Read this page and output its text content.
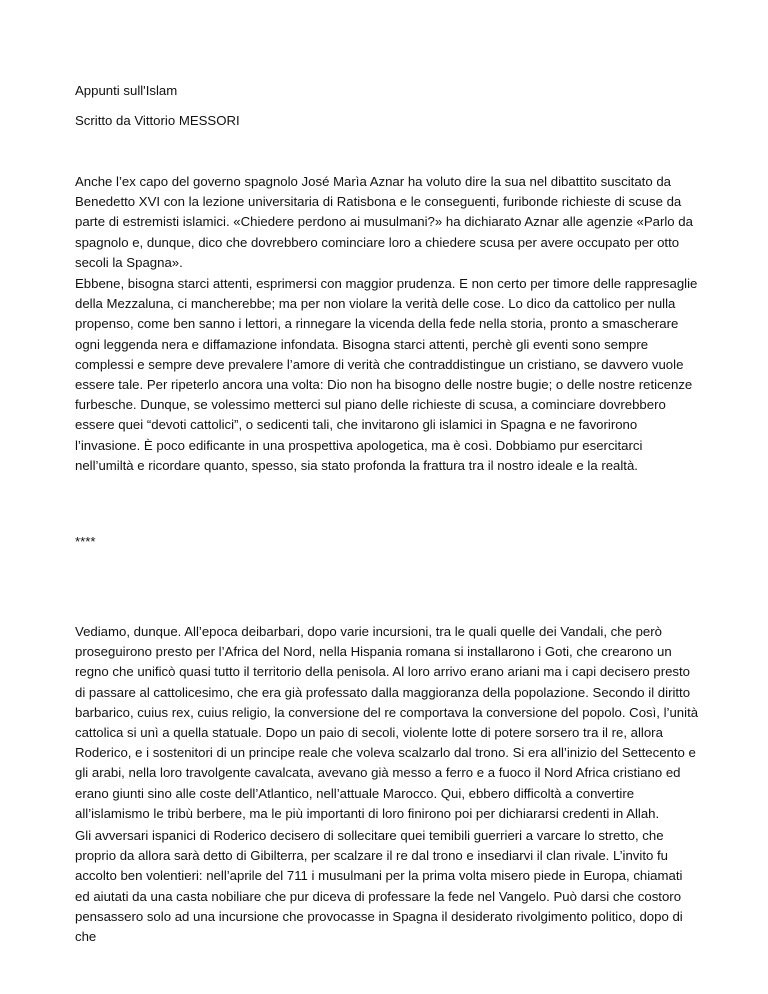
Appunti sull'Islam

Scritto da Vittorio MESSORI

Anche l’ex capo del governo spagnolo José Marìa Aznar ha voluto dire la sua nel dibattito suscitato da Benedetto XVI con la lezione universitaria di Ratisbona e le conseguenti, furibonde richieste di scuse da parte di estremisti islamici. «Chiedere perdono ai musulmani?» ha dichiarato Aznar alle agenzie «Parlo da spagnolo e, dunque, dico che dovrebbero cominciare loro a chiedere scusa per avere occupato per otto secoli la Spagna».

Ebbene, bisogna starci attenti, esprimersi con maggior prudenza. E non certo per timore delle rappresaglie della Mezzaluna, ci mancherebbe; ma per non violare la verità delle cose. Lo dico da cattolico per nulla propenso, come ben sanno i lettori, a rinnegare la vicenda della fede nella storia, pronto a smascherare ogni leggenda nera e diffamazione infondata. Bisogna starci attenti, perchè gli eventi sono sempre complessi e sempre deve prevalere l’amore di verità che contraddistingue un cristiano, se davvero vuole essere tale. Per ripeterlo ancora una volta: Dio non ha bisogno delle nostre bugie; o delle nostre reticenze furbesche. Dunque, se volessimo metterci sul piano delle richieste di scusa, a cominciare dovrebbero essere quei “devoti cattolici”, o sedicenti tali, che invitarono gli islamici in Spagna e ne favorirono l’invasione. È poco edificante in una prospettiva apologetica, ma è così. Dobbiamo pur esercitarci nell’umiltà e ricordare quanto, spesso, sia stato profonda la frattura tra il nostro ideale e la realtà.

****

Vediamo, dunque. All’epoca deibarbari, dopo varie incursioni, tra le quali quelle dei Vandali, che però proseguirono presto per l’Africa del Nord, nella Hispania romana si installarono i Goti, che crearono un regno che unificò quasi tutto il territorio della penisola. Al loro arrivo erano ariani ma i capi decisero presto di passare al cattolicesimo, che era già professato dalla maggioranza della popolazione. Secondo il diritto barbarico, cuius rex, cuius religio, la conversione del re comportava la conversione del popolo. Così, l’unità cattolica si unì a quella statuale. Dopo un paio di secoli, violente lotte di potere sorsero tra il re, allora Roderico, e i sostenitori di un principe reale che voleva scalzarlo dal trono. Si era all’inizio del Settecento e gli arabi, nella loro travolgente cavalcata, avevano già messo a ferro e a fuoco il Nord Africa cristiano ed erano giunti sino alle coste dell’Atlantico, nell’attuale Marocco. Qui, ebbero difficoltà a convertire all’islamismo le tribù berbere, ma le più importanti di loro finirono poi per dichiararsi credenti in Allah.

Gli avversari ispanici di Roderico decisero di sollecitare quei temibili guerrieri a varcare lo stretto, che proprio da allora sarà detto di Gibilterra, per scalzare il re dal trono e insediarvi il clan rivale. L’invito fu accolto ben volentieri: nell’aprile del 711 i musulmani per la prima volta misero piede in Europa, chiamati ed aiutati da una casta nobiliare che pur diceva di professare la fede nel Vangelo. Può darsi che costoro pensassero solo ad una incursione che provocasse in Spagna il desiderato rivolgimento politico, dopo di che
